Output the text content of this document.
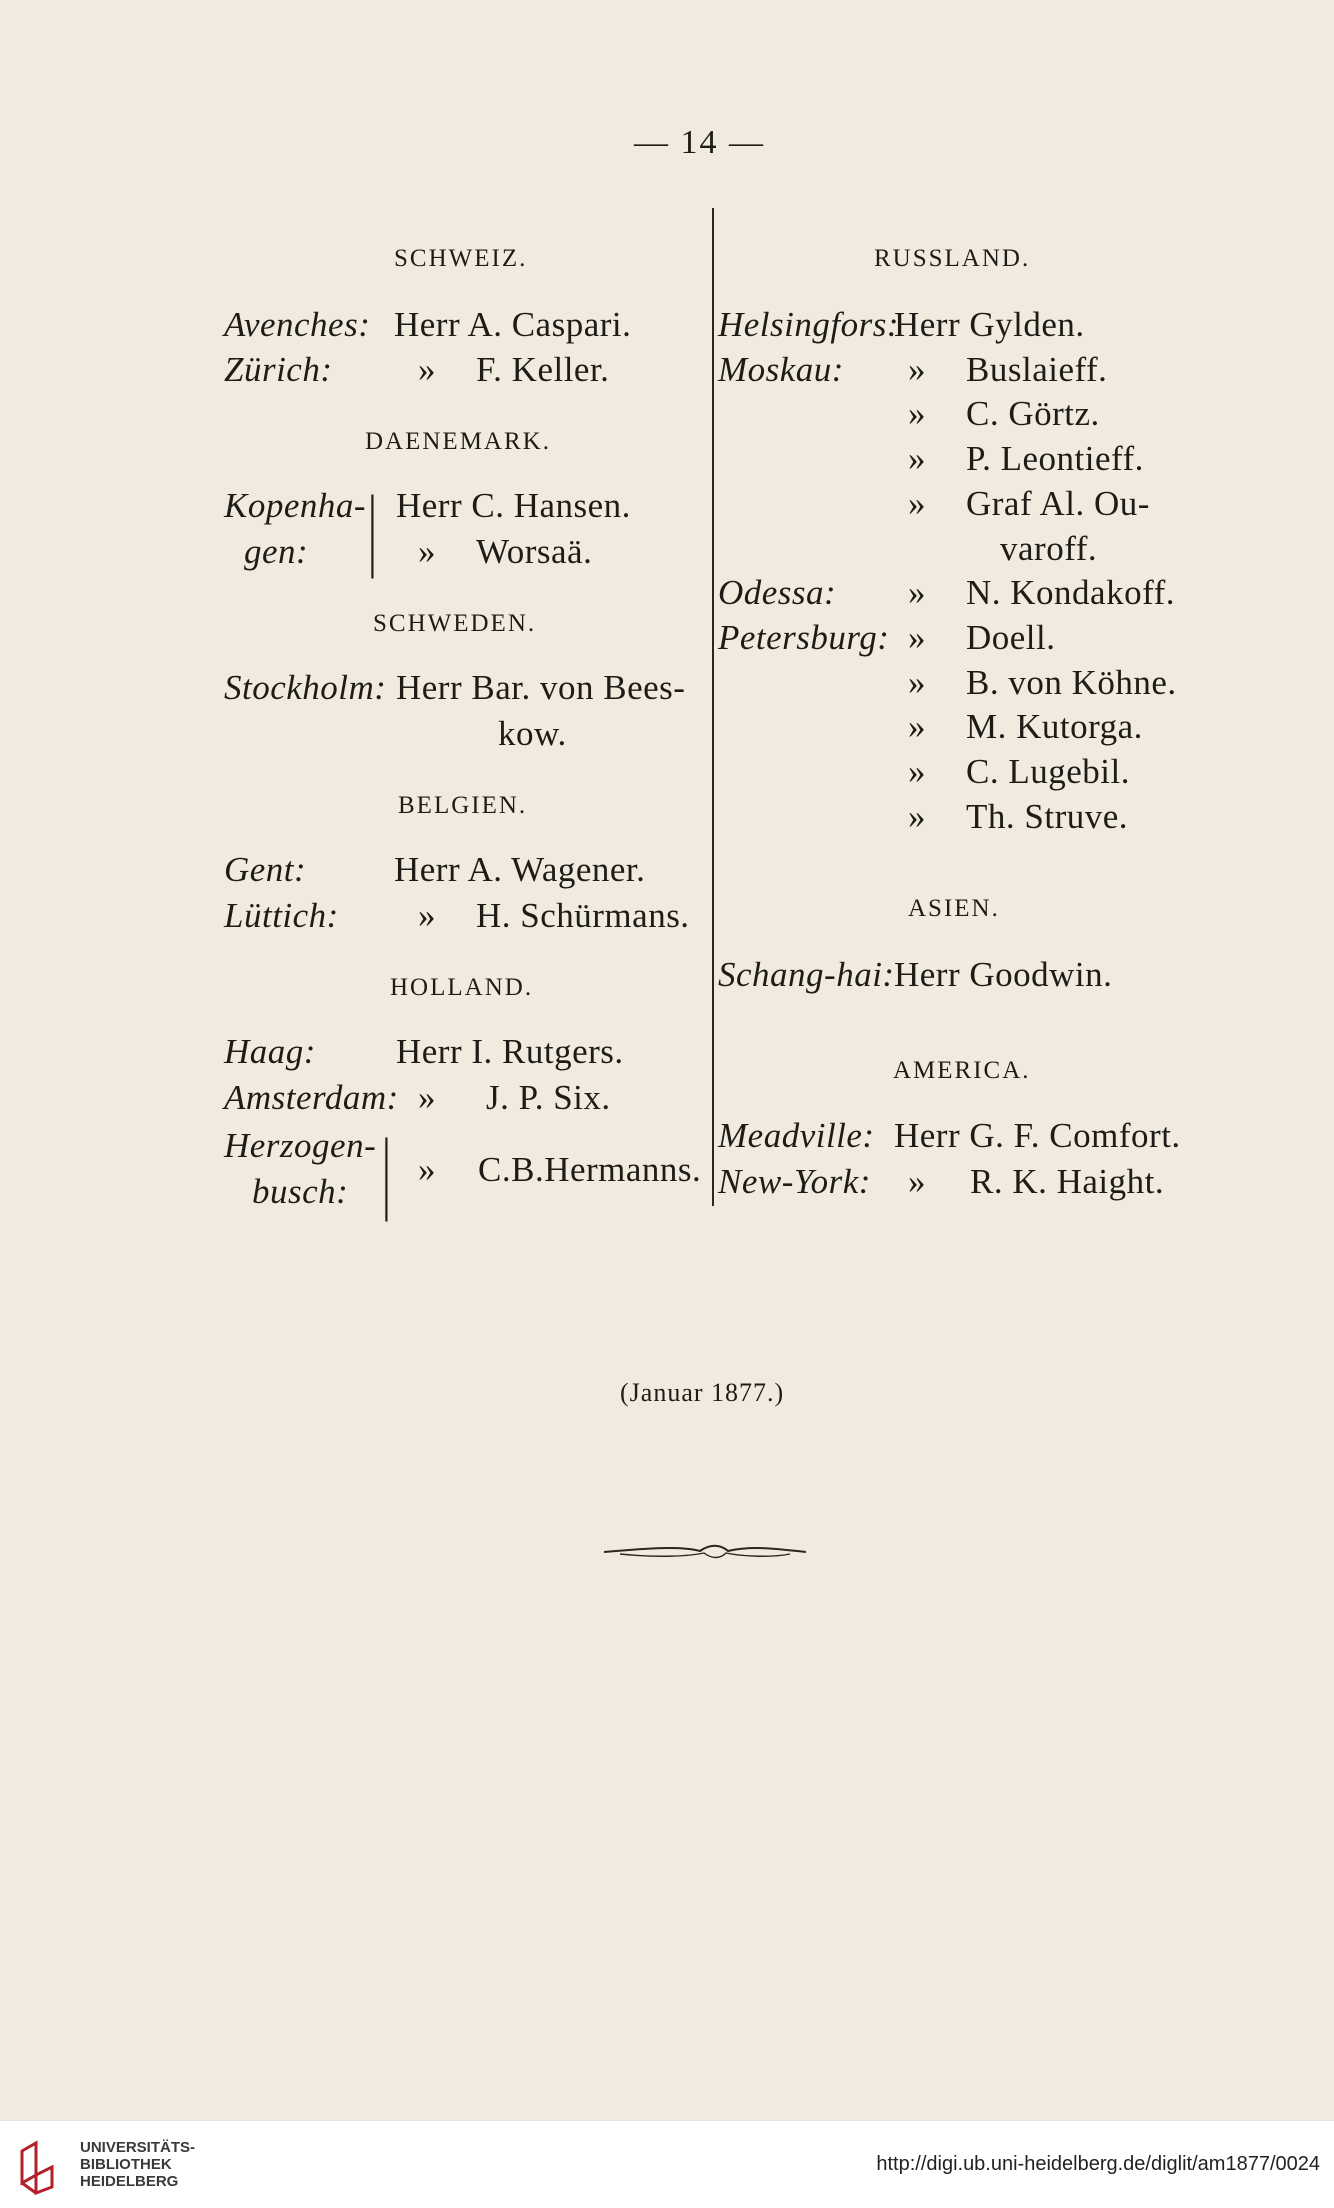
— 14 —
SCHWEIZ.
Avenches: Herr A. Caspari.
Zürich: » F. Keller.
DAENEMARK.
Kopenha-
gen: | Herr C. Hansen.
» Worsaä.
SCHWEDEN.
Stockholm: Herr Bar. von Bees-
kow.
BELGIEN.
Gent:	Herr A. Wagener.
Lüttich: » H. Schürmans.
HOLLAND.
Haag: Herr I. Rutgers.
Amsterdam: » J. P. Six.
Herzogen-
busch: | » C.B.Hermanns.
RUSSLAND.
Helsingfors:
Herr Gylden.
Moskau: » Buslaieff.
» C. Görtz.
» P. Leontieff.
» Graf Al. Ou-
varoff.
Odessa: » N. Kondakoff.
Petersburg: » Doell.
» B. von Köhne.
» M. Kutorga.
» C. Lugebil.
» Th. Struve.
ASIEN.
Schang-hai: Herr Goodwin.
AMERICA.
Meadville: Herr G. F. Comfort.
New-York: » R. K. Haight.
(Januar 1877.)
UNIVERSITÄTS-
BIBLIOTHEK
HEIDELBERG
http://digi.ub.uni-heidelberg.de/diglit/am1877/0024
